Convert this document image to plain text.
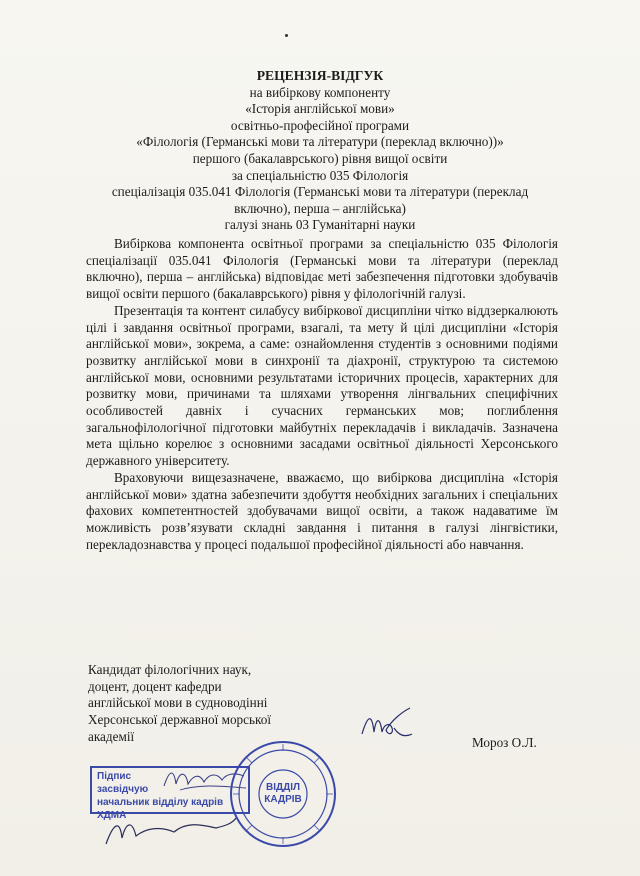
РЕЦЕНЗІЯ-ВІДГУК
на вибіркову компоненту
«Історія англійської мови»
освітньо-професійної програми
«Філологія (Германські мови та літератури (переклад включно))»
першого (бакалаврського) рівня вищої освіти
за спеціальністю 035 Філологія
спеціалізація 035.041 Філологія (Германські мови та літератури (переклад включно), перша – англійська)
галузі знань 03 Гуманітарні науки

Вибіркова компонента освітньої програми за спеціальністю 035 Філологія спеціалізації 035.041 Філологія (Германські мови та літератури (переклад включно), перша – англійська) відповідає меті забезпечення підготовки здобувачів вищої освіти першого (бакалаврського) рівня у філологічній галузі.

Презентація та контент силабусу вибіркової дисципліни чітко віддзеркалюють цілі і завдання освітньої програми, взагалі, та мету й цілі дисципліни «Історія англійської мови», зокрема, а саме: ознайомлення студентів з основними подіями розвитку англійської мови в синхронії та діахронії, структурою та системою англійської мови, основними результатами історичних процесів, характерних для розвитку мови, причинами та шляхами утворення лінгвальних специфічних особливостей давніх і сучасних германських мов; поглиблення загальнофілологічної підготовки майбутніх перекладачів і викладачів. Зазначена мета щільно корелює з основними засадами освітньої діяльності Херсонського державного університету.

Враховуючи вищезазначене, вважаємо, що вибіркова дисципліна «Історія англійської мови» здатна забезпечити здобуття необхідних загальних і спеціальних фахових компетентностей здобувачами вищої освіти, а також надаватиме їм можливість розв’язувати складні завдання і питання в галузі лінгвістики, перекладознавства у процесі подальшої професійної діяльності або навчання.

Кандидат філологічних наук,
доцент, доцент кафедри
англійської мови в судноводінні
Херсонської державної морської
академії	Мороз О.Л.
Підпис
засвідчую
начальник відділу кадрів ХДМА
ВІДДІЛ КАДРІВ
